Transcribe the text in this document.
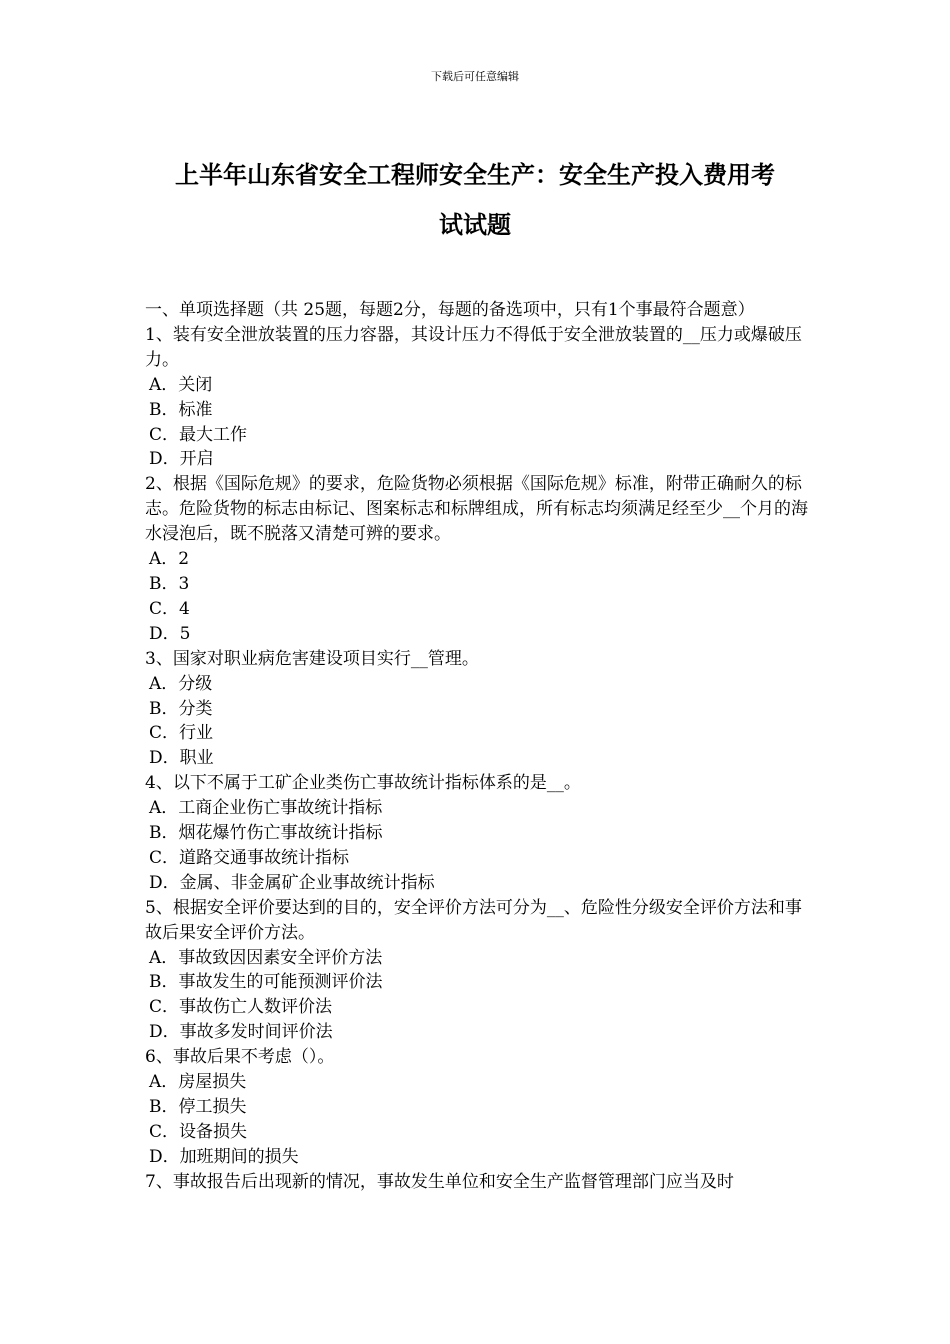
下载后可任意编辑
上半年山东省安全工程师安全生产：安全生产投入费用考
试试题

一、单项选择题（共 25题，每题2分，每题的备选项中，只有1个事最符合题意）

1、装有安全泄放装置的压力容器，其设计压力不得低于安全泄放装置的__压力或爆破压力。

A．关闭

B．标准

C．最大工作

D．开启

2、根据《国际危规》的要求，危险货物必须根据《国际危规》标准，附带正确耐久的标志。危险货物的标志由标记、图案标志和标牌组成，所有标志均须满足经至少__个月的海水浸泡后，既不脱落又清楚可辨的要求。

A．2

B．3

C．4

D．5

3、国家对职业病危害建设项目实行__管理。

A．分级

B．分类

C．行业

D．职业

4、以下不属于工矿企业类伤亡事故统计指标体系的是__。

A．工商企业伤亡事故统计指标

B．烟花爆竹伤亡事故统计指标

C．道路交通事故统计指标

D．金属、非金属矿企业事故统计指标

5、根据安全评价要达到的目的，安全评价方法可分为__、危险性分级安全评价方法和事故后果安全评价方法。

A．事故致因因素安全评价方法

B．事故发生的可能预测评价法

C．事故伤亡人数评价法

D．事故多发时间评价法

6、事故后果不考虑（）。

A．房屋损失

B．停工损失

C．设备损失

D．加班期间的损失

7、事故报告后出现新的情况，事故发生单位和安全生产监督管理部门应当及时
